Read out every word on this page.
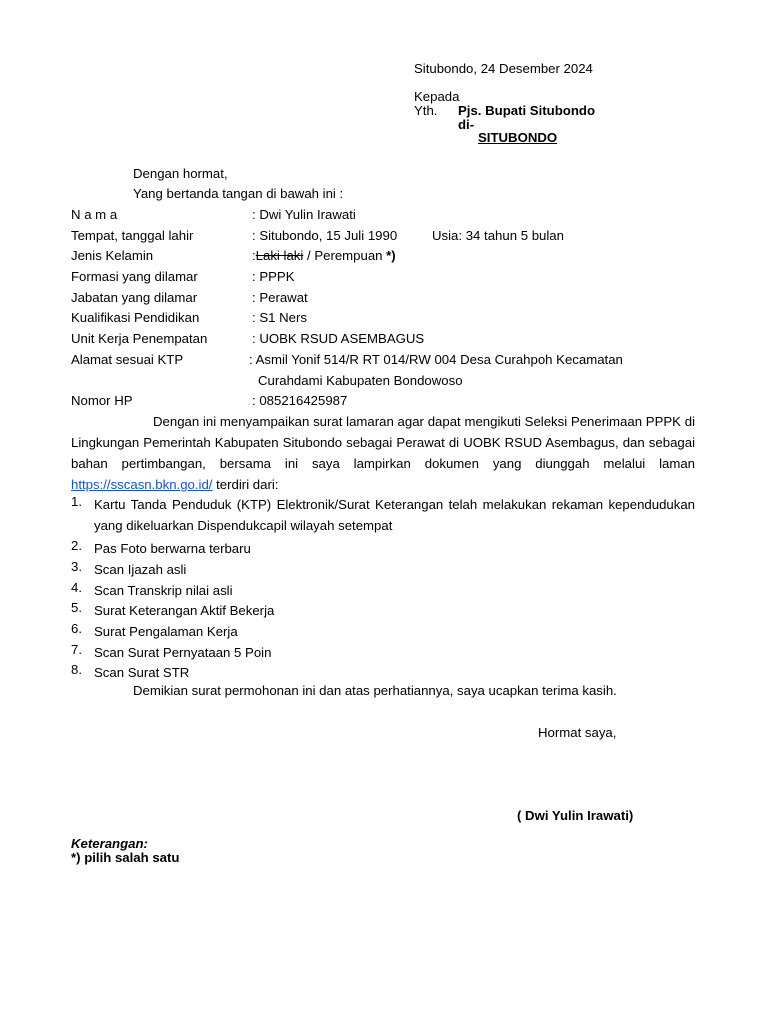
Situbondo, 24 Desember 2024
Kepada
Yth. Pjs. Bupati Situbondo
di-
SITUBONDO
Dengan hormat,
Yang bertanda tangan di bawah ini :
N a m a	: Dwi Yulin Irawati
Tempat, tanggal lahir	: Situbondo, 15 Juli 1990	Usia: 34 tahun 5 bulan
Jenis Kelamin	:Laki laki / Perempuan *)
Formasi yang dilamar	: PPPK
Jabatan yang dilamar	: Perawat
Kualifikasi Pendidikan	: S1 Ners
Unit Kerja Penempatan	: UOBK RSUD ASEMBAGUS
Alamat sesuai KTP	: Asmil Yonif 514/R RT 014/RW 004 Desa Curahpoh Kecamatan
Curahdami Kabupaten Bondowoso
Nomor HP	: 085216425987
Dengan ini menyampaikan surat lamaran agar dapat mengikuti Seleksi Penerimaan PPPK di Lingkungan Pemerintah Kabupaten Situbondo sebagai Perawat di UOBK RSUD Asembagus, dan sebagai bahan pertimbangan, bersama ini saya lampirkan dokumen yang diunggah melalui laman https://sscasn.bkn.go.id/ terdiri dari:
1. Kartu Tanda Penduduk (KTP) Elektronik/Surat Keterangan telah melakukan rekaman kependudukan yang dikeluarkan Dispendukcapil wilayah setempat
2. Pas Foto berwarna terbaru
3. Scan Ijazah asli
4. Scan Transkrip nilai asli
5. Surat Keterangan Aktif Bekerja
6. Surat Pengalaman Kerja
7. Scan Surat Pernyataan 5 Poin
8. Scan Surat STR
Demikian surat permohonan ini dan atas perhatiannya, saya ucapkan terima kasih.
Hormat saya,
( Dwi Yulin Irawati)
Keterangan:
*) pilih salah satu
